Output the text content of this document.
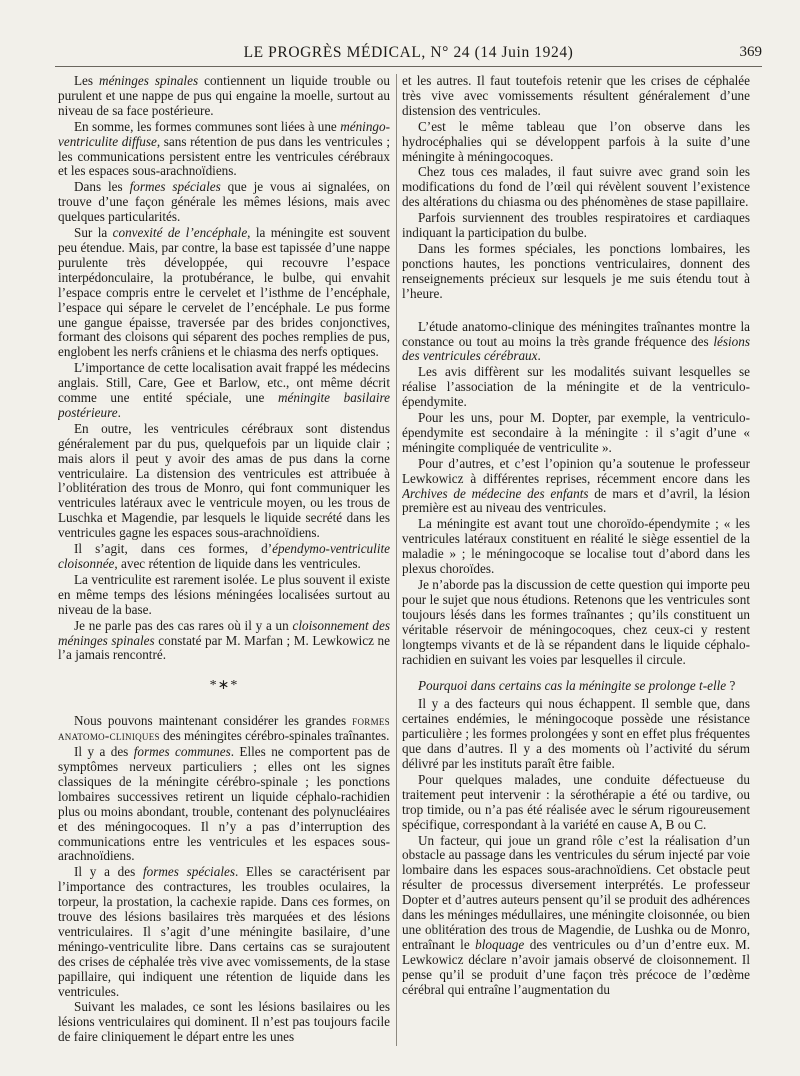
LE PROGRÈS MÉDICAL, N° 24 (14 Juin 1924)	369

Les méninges spinales contiennent un liquide trouble ou purulent et une nappe de pus qui engaine la moelle, surtout au niveau de sa face postérieure.

En somme, les formes communes sont liées à une méningo-ventriculite diffuse, sans rétention de pus dans les ventricules ; les communications persistent entre les ventricules cérébraux et les espaces sous-arachnoïdiens.

Dans les formes spéciales que je vous ai signalées, on trouve d’une façon générale les mêmes lésions, mais avec quelques particularités.

Sur la convexité de l’encéphale, la méningite est souvent peu étendue. Mais, par contre, la base est tapissée d’une nappe purulente très développée, qui recouvre l’espace interpédonculaire, la protubérance, le bulbe, qui envahit l’espace compris entre le cervelet et l’isthme de l’encéphale, l’espace qui sépare le cervelet de l’encéphale. Le pus forme une gangue épaisse, traversée par des brides conjonctives, formant des cloisons qui séparent des poches remplies de pus, englobent les nerfs crâniens et le chiasma des nerfs optiques.

L’importance de cette localisation avait frappé les médecins anglais. Still, Care, Gee et Barlow, etc., ont même décrit comme une entité spéciale, une méningite basilaire postérieure.

En outre, les ventricules cérébraux sont distendus généralement par du pus, quelquefois par un liquide clair ; mais alors il peut y avoir des amas de pus dans la corne ventriculaire. La distension des ventricules est attribuée à l’oblitération des trous de Monro, qui font communiquer les ventricules latéraux avec le ventricule moyen, ou les trous de Luschka et Magendie, par lesquels le liquide secrété dans les ventricules gagne les espaces sous-arachnoïdiens.

Il s’agit, dans ces formes, d’épendymo-ventriculite cloisonnée, avec rétention de liquide dans les ventricules.

La ventriculite est rarement isolée. Le plus souvent il existe en même temps des lésions méningées localisées surtout au niveau de la base.

Je ne parle pas des cas rares où il y a un cloisonnement des méninges spinales constaté par M. Marfan ; M. Lewkowicz ne l’a jamais rencontré.

*∗*

Nous pouvons maintenant considérer les grandes formes anatomo-cliniques des méningites cérébro-spinales traînantes.

Il y a des formes communes. Elles ne comportent pas de symptômes nerveux particuliers ; elles ont les signes classiques de la méningite cérébro-spinale ; les ponctions lombaires successives retirent un liquide céphalo-rachidien plus ou moins abondant, trouble, contenant des polynucléaires et des méningocoques. Il n’y a pas d’interruption des communications entre les ventricules et les espaces sous-arachnoïdiens.

Il y a des formes spéciales. Elles se caractérisent par l’importance des contractures, les troubles oculaires, la torpeur, la prostation, la cachexie rapide. Dans ces formes, on trouve des lésions basilaires très marquées et des lésions ventriculaires. Il s’agit d’une méningite basilaire, d’une méningo-ventriculite libre. Dans certains cas se surajoutent des crises de céphalée très vive avec vomissements, de la stase papillaire, qui indiquent une rétention de liquide dans les ventricules.

Suivant les malades, ce sont les lésions basilaires ou les lésions ventriculaires qui dominent. Il n’est pas toujours facile de faire cliniquement le départ entre les unes

et les autres. Il faut toutefois retenir que les crises de céphalée très vive avec vomissements résultent généralement d’une distension des ventricules.

C’est le même tableau que l’on observe dans les hydrocéphalies qui se développent parfois à la suite d’une méningite à méningocoques.

Chez tous ces malades, il faut suivre avec grand soin les modifications du fond de l’œil qui révèlent souvent l’existence des altérations du chiasma ou des phénomènes de stase papillaire.

Parfois surviennent des troubles respiratoires et cardiaques indiquant la participation du bulbe.

Dans les formes spéciales, les ponctions lombaires, les ponctions hautes, les ponctions ventriculaires, donnent des renseignements précieux sur lesquels je me suis étendu tout à l’heure.

L’étude anatomo-clinique des méningites traînantes montre la constance ou tout au moins la très grande fréquence des lésions des ventricules cérébraux.

Les avis diffèrent sur les modalités suivant lesquelles se réalise l’association de la méningite et de la ventriculo-épendymite.

Pour les uns, pour M. Dopter, par exemple, la ventriculo-épendymite est secondaire à la méningite : il s’agit d’une « méningite compliquée de ventriculite ».

Pour d’autres, et c’est l’opinion qu’a soutenue le professeur Lewkowicz à différentes reprises, récemment encore dans les Archives de médecine des enfants de mars et d’avril, la lésion première est au niveau des ventricules.

La méningite est avant tout une choroïdo-épendymite ; « les ventricules latéraux constituent en réalité le siège essentiel de la maladie » ; le méningocoque se localise tout d’abord dans les plexus choroïdes.

Je n’aborde pas la discussion de cette question qui importe peu pour le sujet que nous étudions. Retenons que les ventricules sont toujours lésés dans les formes traînantes ; qu’ils constituent un véritable réservoir de méningocoques, chez ceux-ci y restent longtemps vivants et de là se répandent dans le liquide céphalo-rachidien en suivant les voies par lesquelles il circule.

Pourquoi dans certains cas la méningite se prolonge t-elle ?

Il y a des facteurs qui nous échappent. Il semble que, dans certaines endémies, le méningocoque possède une résistance particulière ; les formes prolongées y sont en effet plus fréquentes que dans d’autres. Il y a des moments où l’activité du sérum délivré par les instituts paraît être faible.

Pour quelques malades, une conduite défectueuse du traitement peut intervenir : la sérothérapie a été ou tardive, ou trop timide, ou n’a pas été réalisée avec le sérum rigoureusement spécifique, correspondant à la variété en cause A, B ou C.

Un facteur, qui joue un grand rôle c’est la réalisation d’un obstacle au passage dans les ventricules du sérum injecté par voie lombaire dans les espaces sous-arachnoïdiens. Cet obstacle peut résulter de processus diversement interprétés. Le professeur Dopter et d’autres auteurs pensent qu’il se produit des adhérences dans les méninges médullaires, une méningite cloisonnée, ou bien une oblitération des trous de Magendie, de Lushka ou de Monro, entraînant le bloquage des ventricules ou d’un d’entre eux. M. Lewkowicz déclare n’avoir jamais observé de cloisonnement. Il pense qu’il se produit d’une façon très précoce de l’œdème cérébral qui entraîne l’augmentation du
